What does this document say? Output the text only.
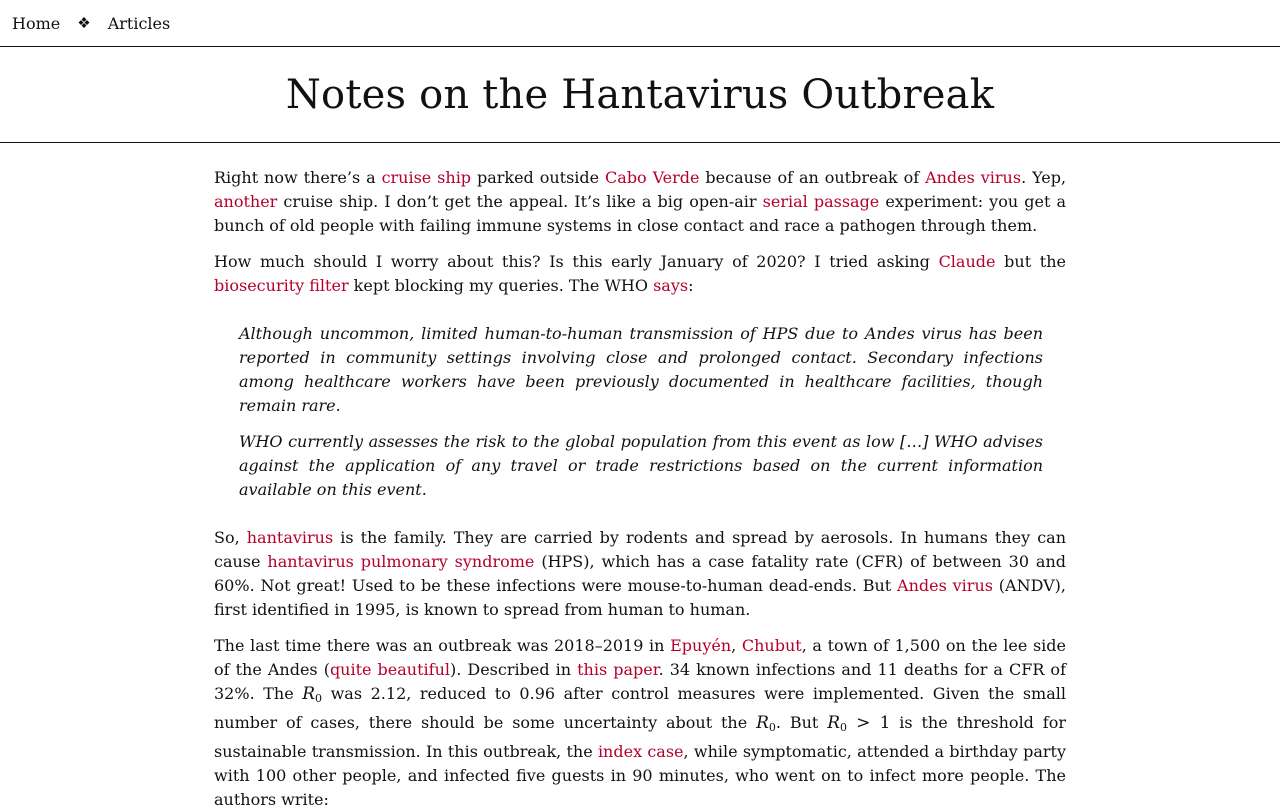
Home ❖ Articles
Notes on the Hantavirus Outbreak

Right now there’s a cruise ship parked outside Cabo Verde because of an outbreak of Andes virus. Yep, another cruise ship. I don’t get the appeal. It’s like a big open-air serial passage experiment: you get a bunch of old people with failing immune systems in close contact and race a pathogen through them.

How much should I worry about this? Is this early January of 2020? I tried asking Claude but the biosecurity filter kept blocking my queries. The WHO says:

Although uncommon, limited human-to-human transmission of HPS due to Andes virus has been reported in community settings involving close and prolonged contact. Secondary infections among healthcare workers have been previously documented in healthcare facilities, though remain rare.

WHO currently assesses the risk to the global population from this event as low […] WHO advises against the application of any travel or trade restrictions based on the current information available on this event.

So, hantavirus is the family. They are carried by rodents and spread by aerosols. In humans they can cause hantavirus pulmonary syndrome (HPS), which has a case fatality rate (CFR) of between 30 and 60%. Not great! Used to be these infections were mouse-to-human dead-ends. But Andes virus (ANDV), first identified in 1995, is known to spread from human to human.

The last time there was an outbreak was 2018–2019 in Epuyén, Chubut, a town of 1,500 on the lee side of the Andes (quite beautiful). Described in this paper. 34 known infections and 11 deaths for a CFR of 32%. The $R_0$ was 2.12, reduced to 0.96 after control measures were implemented. Given the small number of cases, there should be some uncertainty about the $R_0$. But $R_0 > 1$ is the threshold for sustainable transmission. In this outbreak, the index case, while symptomatic, attended a birthday party with 100 other people, and infected five guests in 90 minutes, who went on to infect more people. The authors write:
